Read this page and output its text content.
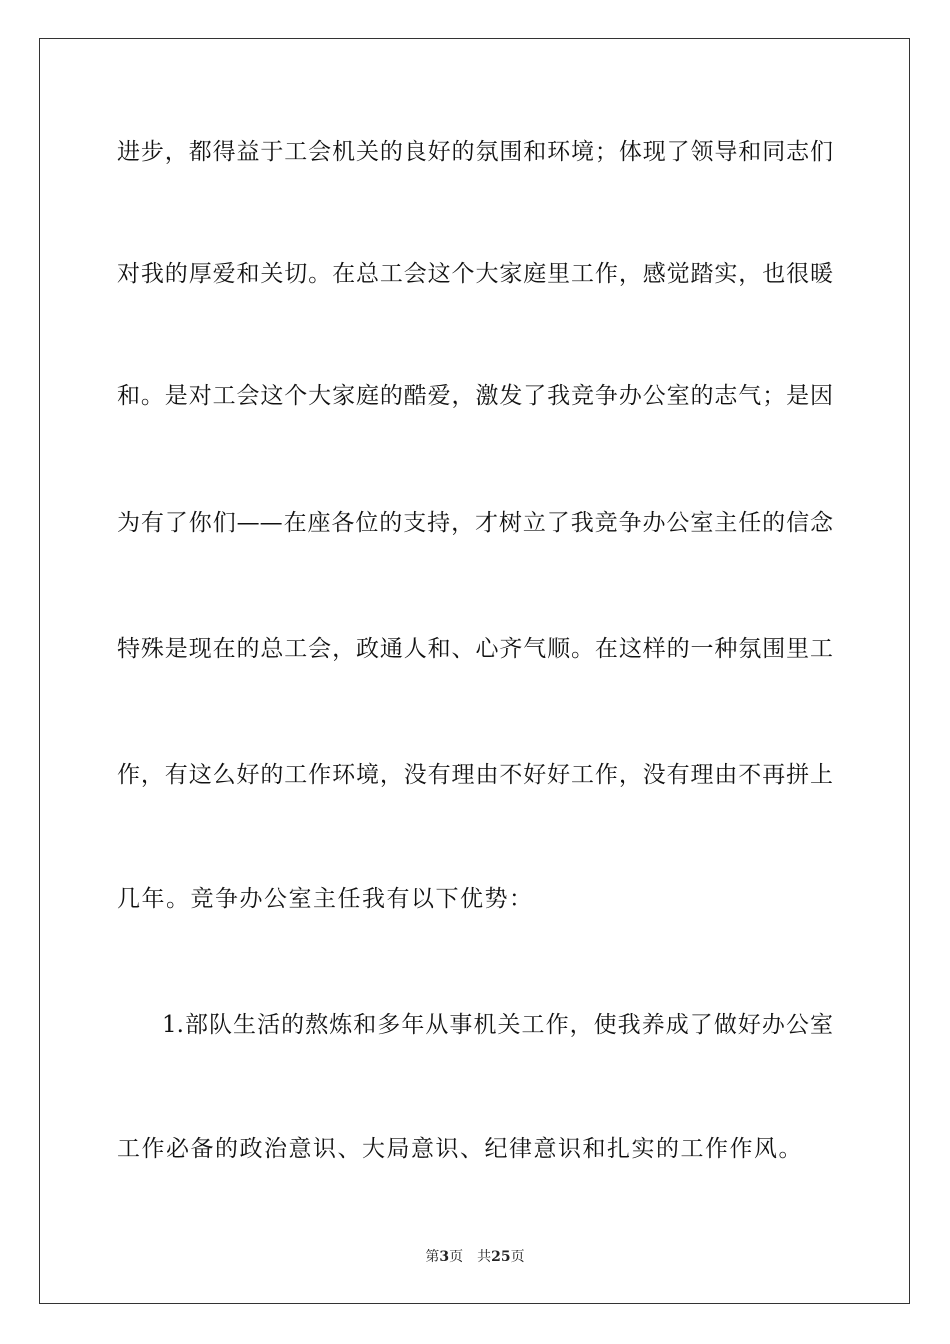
进步，都得益于工会机关的良好的氛围和环境；体现了领导和同志们
对我的厚爱和关切。在总工会这个大家庭里工作，感觉踏实，也很暖
和。是对工会这个大家庭的酷爱，激发了我竞争办公室的志气；是因
为有了你们——在座各位的支持，才树立了我竞争办公室主任的信念
特殊是现在的总工会，政通人和、心齐气顺。在这样的一种氛围里工
作，有这么好的工作环境，没有理由不好好工作，没有理由不再拼上
几年。竞争办公室主任我有以下优势：
1.部队生活的熬炼和多年从事机关工作，使我养成了做好办公室
工作必备的政治意识、大局意识、纪律意识和扎实的工作作风。
第3页 共25页
